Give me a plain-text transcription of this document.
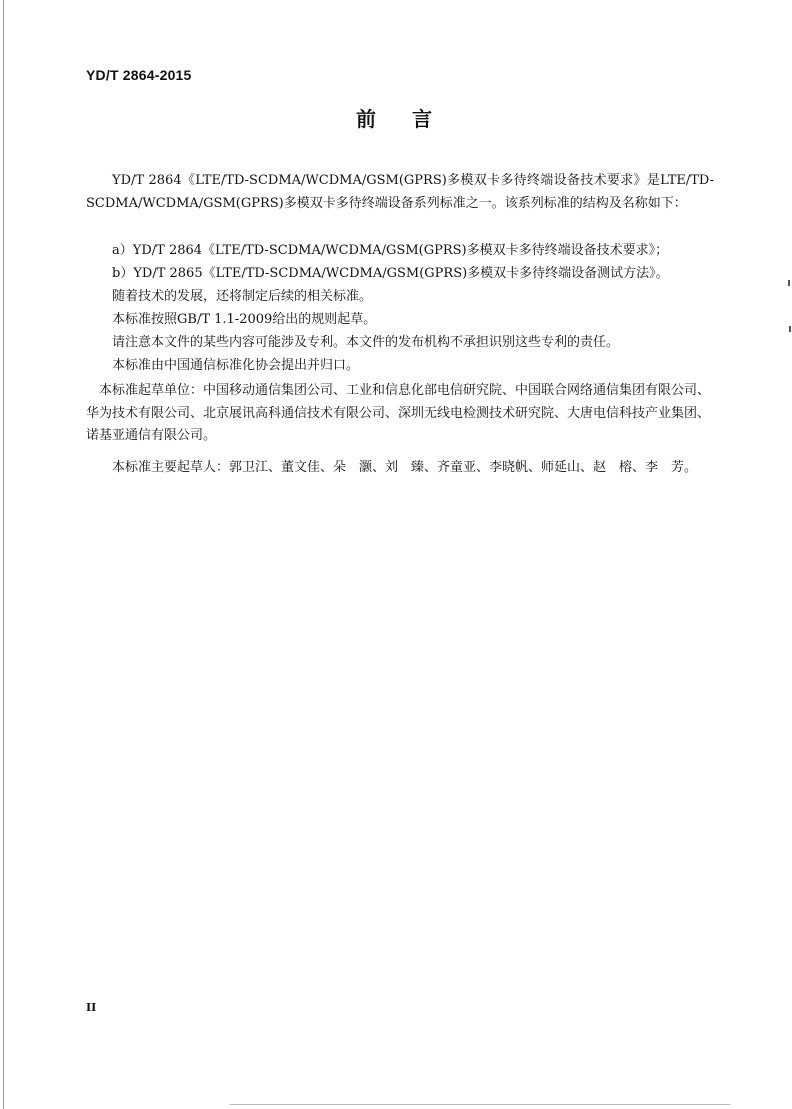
YD/T 2864-2015
前言
YD/T 2864《LTE/TD-SCDMA/WCDMA/GSM(GPRS)多模双卡多待终端设备技术要求》是LTE/TD-SCDMA/WCDMA/GSM(GPRS)多模双卡多待终端设备系列标准之一。该系列标准的结构及名称如下：
a）YD/T 2864《LTE/TD-SCDMA/WCDMA/GSM(GPRS)多模双卡多待终端设备技术要求》；
b）YD/T 2865《LTE/TD-SCDMA/WCDMA/GSM(GPRS)多模双卡多待终端设备测试方法》。
随着技术的发展，还将制定后续的相关标准。
本标准按照GB/T 1.1-2009给出的规则起草。
请注意本文件的某些内容可能涉及专利。本文件的发布机构不承担识别这些专利的责任。
本标准由中国通信标准化协会提出并归口。
本标准起草单位：中国移动通信集团公司、工业和信息化部电信研究院、中国联合网络通信集团有限公司、华为技术有限公司、北京展讯高科通信技术有限公司、深圳无线电检测技术研究院、大唐电信科技产业集团、诺基亚通信有限公司。
本标准主要起草人：郭卫江、董文佳、朵　灏、刘　臻、齐童亚、李晓帆、师延山、赵　榕、李　芳。
II
